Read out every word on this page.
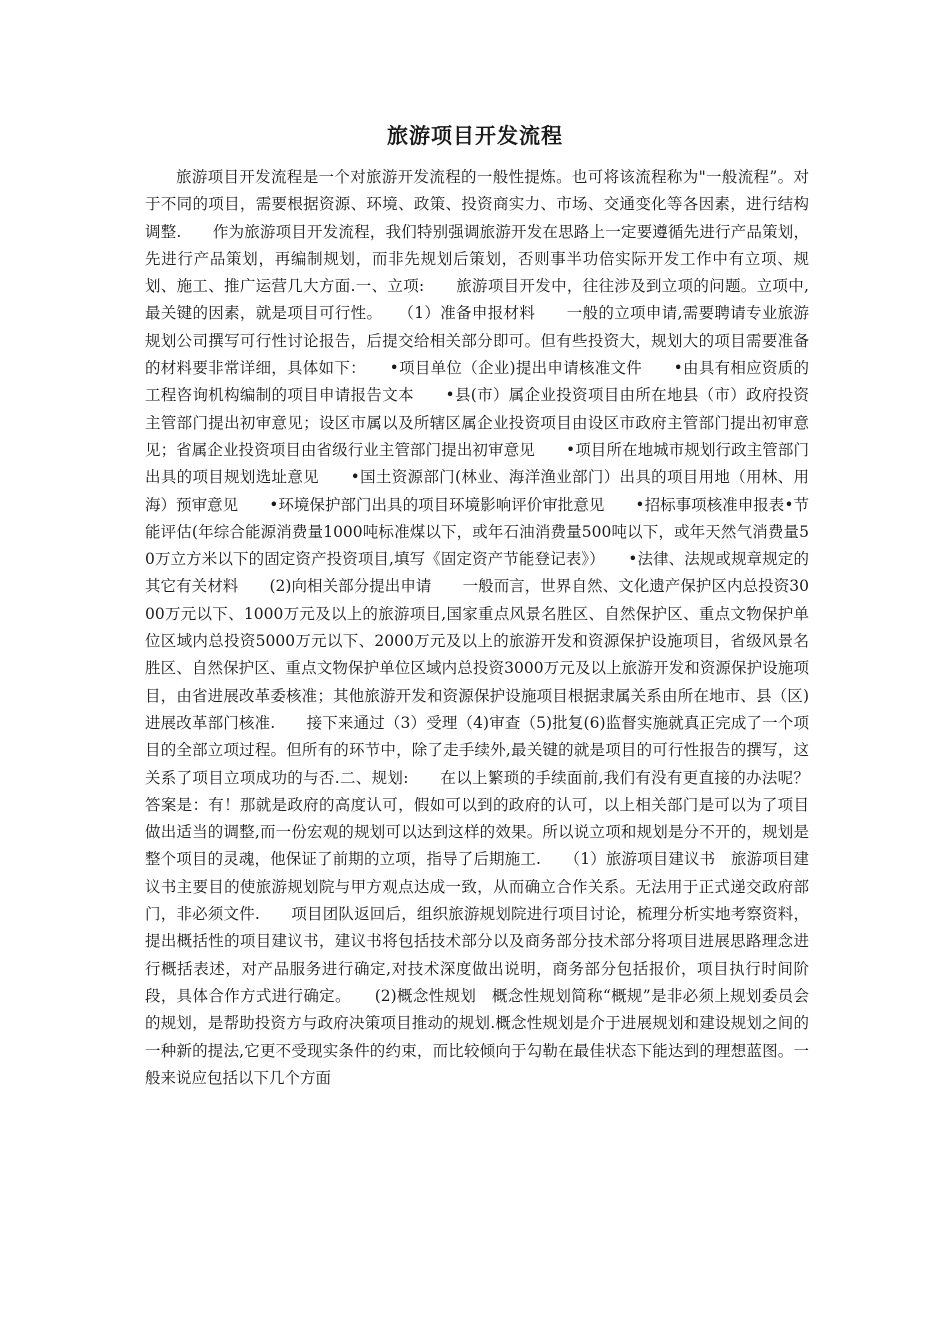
旅游项目开发流程

旅游项目开发流程是一个对旅游开发流程的一般性提炼。也可将该流程称为"一般流程”。对于不同的项目，需要根据资源、环境、政策、投资商实力、市场、交通变化等各因素，进行结构调整.　　作为旅游项目开发流程，我们特别强调旅游开发在思路上一定要遵循先进行产品策划，先进行产品策划，再编制规划，而非先规划后策划，否则事半功倍实际开发工作中有立项、规划、施工、推广运营几大方面.一、立项:　　旅游项目开发中，往往涉及到立项的问题。立项中,最关键的因素，就是项目可行性。　　（1）准备申报材料　　一般的立项申请,需要聘请专业旅游规划公司撰写可行性讨论报告，后提交给相关部分即可。但有些投资大，规划大的项目需要准备的材料要非常详细，具体如下：　　•项目单位（企业)提出申请核准文件　　•由具有相应资质的工程咨询机构编制的项目申请报告文本　　•县(市）属企业投资项目由所在地县（市）政府投资主管部门提出初审意见；设区市属以及所辖区属企业投资项目由设区市政府主管部门提出初审意见；省属企业投资项目由省级行业主管部门提出初审意见　　•项目所在地城市规划行政主管部门出具的项目规划选址意见　　•国土资源部门(林业、海洋渔业部门）出具的项目用地（用林、用海）预审意见　　•环境保护部门出具的项目环境影响评价审批意见　　•招标事项核准申报表•节能评估(年综合能源消费量1000吨标准煤以下，或年石油消费量500吨以下，或年天然气消费量50万立方米以下的固定资产投资项目,填写《固定资产节能登记表》）　　•法律、法规或规章规定的其它有关材料　　(2)向相关部分提出申请　　一般而言，世界自然、文化遗产保护区内总投资3000万元以下、1000万元及以上的旅游项目,国家重点风景名胜区、自然保护区、重点文物保护单位区域内总投资5000万元以下、2000万元及以上的旅游开发和资源保护设施项目，省级风景名胜区、自然保护区、重点文物保护单位区域内总投资3000万元及以上旅游开发和资源保护设施项目，由省进展改革委核准；其他旅游开发和资源保护设施项目根据隶属关系由所在地市、县（区)进展改革部门核准.　　接下来通过（3）受理（4)审查（5)批复(6)监督实施就真正完成了一个项目的全部立项过程。但所有的环节中，除了走手续外,最关键的就是项目的可行性报告的撰写，这关系了项目立项成功的与否.二、规划:　　在以上繁琐的手续面前,我们有没有更直接的办法呢？答案是：有！那就是政府的高度认可，假如可以到的政府的认可，以上相关部门是可以为了项目做出适当的调整,而一份宏观的规划可以达到这样的效果。所以说立项和规划是分不开的，规划是整个项目的灵魂，他保证了前期的立项，指导了后期施工.　　（1）旅游项目建议书　旅游项目建议书主要目的使旅游规划院与甲方观点达成一致，从而确立合作关系。无法用于正式递交政府部门，非必须文件.　　项目团队返回后，组织旅游规划院进行项目讨论，梳理分析实地考察资料，提出概括性的项目建议书，建议书将包括技术部分以及商务部分技术部分将项目进展思路理念进行概括表述，对产品服务进行确定,对技术深度做出说明，商务部分包括报价，项目执行时间阶段，具体合作方式进行确定。　　(2)概念性规划　概念性规划简称“概规”是非必须上规划委员会的规划，是帮助投资方与政府决策项目推动的规划.概念性规划是介于进展规划和建设规划之间的一种新的提法,它更不受现实条件的约束，而比较倾向于勾勒在最佳状态下能达到的理想蓝图。一般来说应包括以下几个方面
